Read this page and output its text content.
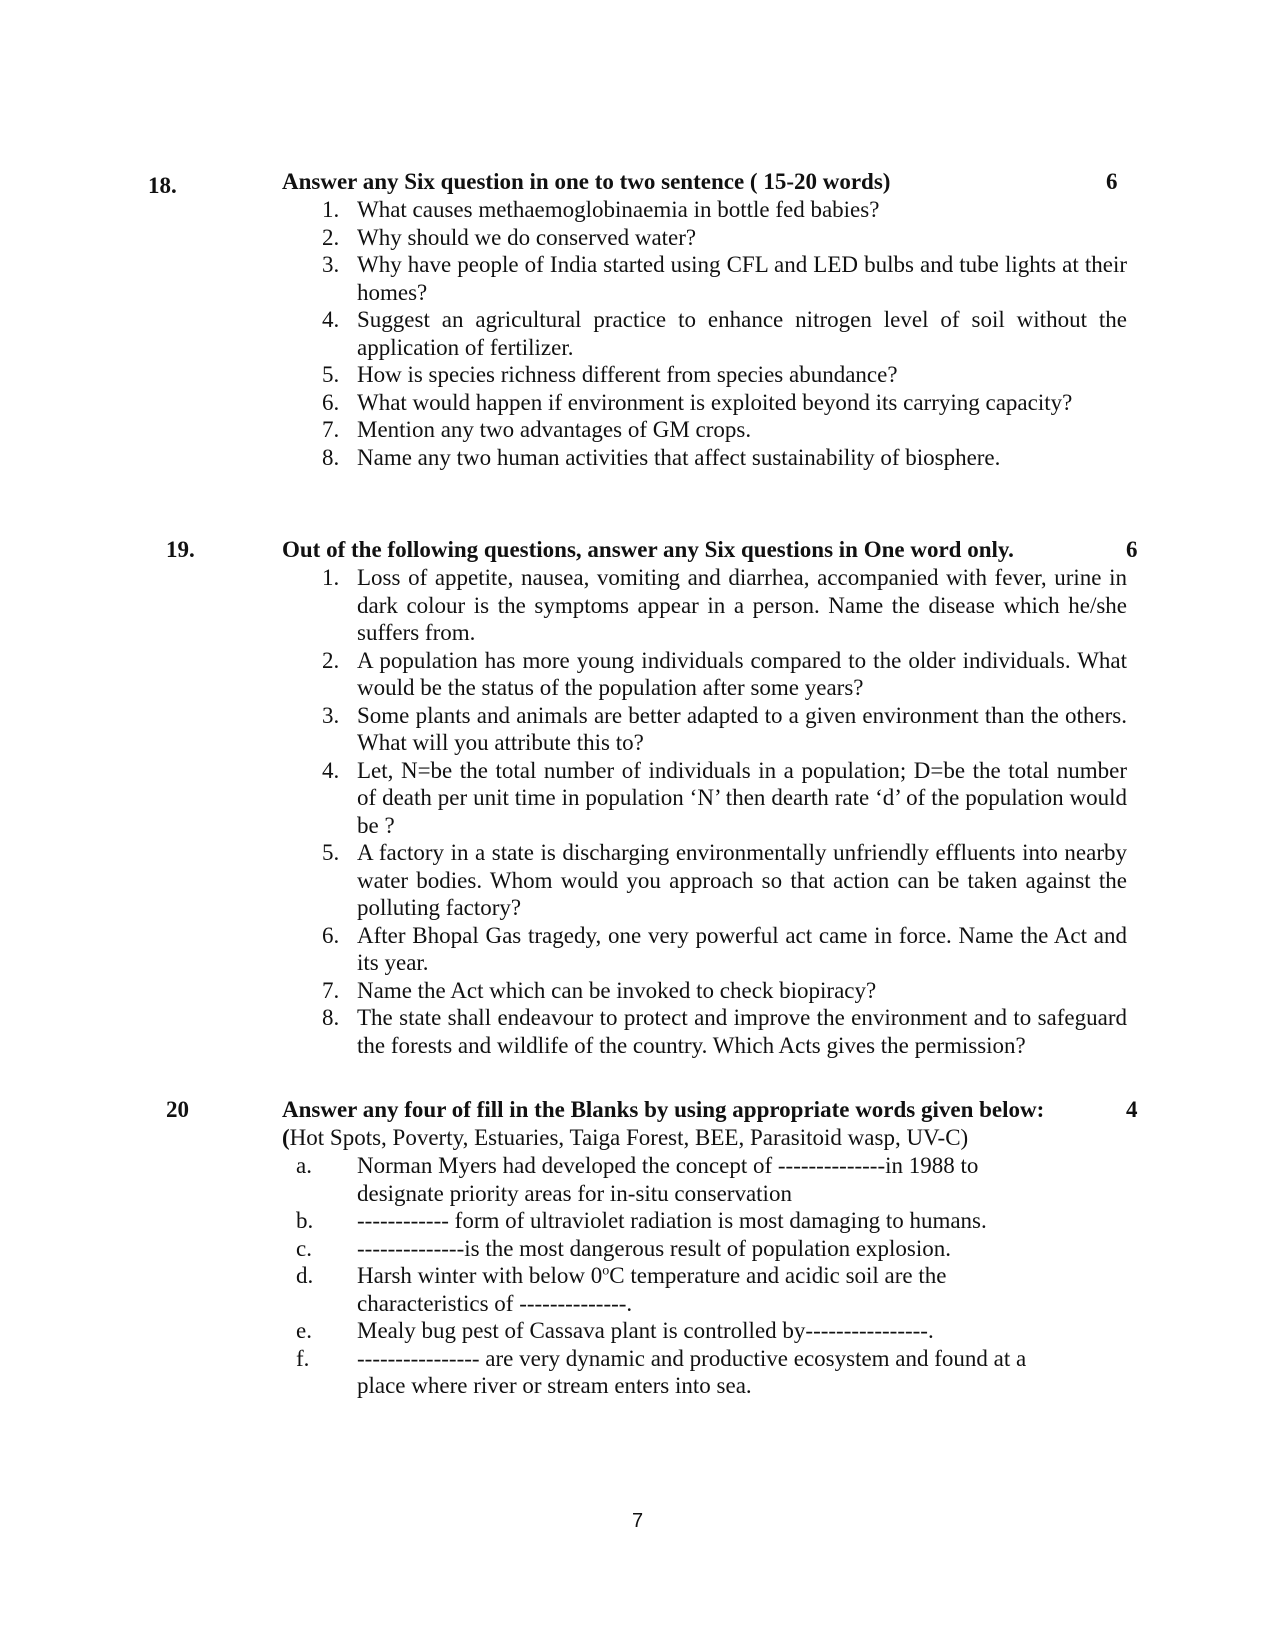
18.	Answer any Six question in one to two sentence ( 15-20 words)	6
1. What causes methaemoglobinaemia in bottle fed babies?
2. Why should we do conserved water?
3. Why have people of India started using CFL and LED bulbs and tube lights at their homes?
4. Suggest an agricultural practice to enhance nitrogen level of soil without the application of fertilizer.
5. How is species richness different from species abundance?
6. What would happen if environment is exploited beyond its carrying capacity?
7. Mention any two advantages of GM crops.
8. Name any two human activities that affect sustainability of biosphere.
19.	Out of the following questions, answer any Six questions in One word only.	6
1. Loss of appetite, nausea, vomiting and diarrhea, accompanied with fever, urine in dark colour is the symptoms appear in a person. Name the disease which he/she suffers from.
2. A population has more young individuals compared to the older individuals. What would be the status of the population after some years?
3. Some plants and animals are better adapted to a given environment than the others. What will you attribute this to?
4. Let, N=be the total number of individuals in a population; D=be the total number of death per unit time in population ‘N’ then dearth rate ‘d’ of the population would be ?
5. A factory in a state is discharging environmentally unfriendly effluents into nearby water bodies. Whom would you approach so that action can be taken against the polluting factory?
6. After Bhopal Gas tragedy, one very powerful act came in force. Name the Act and its year.
7. Name the Act which can be invoked to check biopiracy?
8. The state shall endeavour to protect and improve the environment and to safeguard the forests and wildlife of the country. Which Acts gives the permission?
20	Answer any four of fill in the Blanks by using appropriate words given below:	4
(Hot Spots, Poverty, Estuaries, Taiga Forest, BEE, Parasitoid wasp, UV-C)
a. Norman Myers had developed the concept of --------------in 1988 to
designate priority areas for in-situ conservation
b. ------------ form of ultraviolet radiation is most damaging to humans.
c. --------------is the most dangerous result of population explosion.
d. Harsh winter with below 0$^o$C temperature and acidic soil are the
characteristics of --------------.
e. Mealy bug pest of Cassava plant is controlled by----------------.
f. ---------------- are very dynamic and productive ecosystem and found at a
place where river or stream enters into sea.
7
